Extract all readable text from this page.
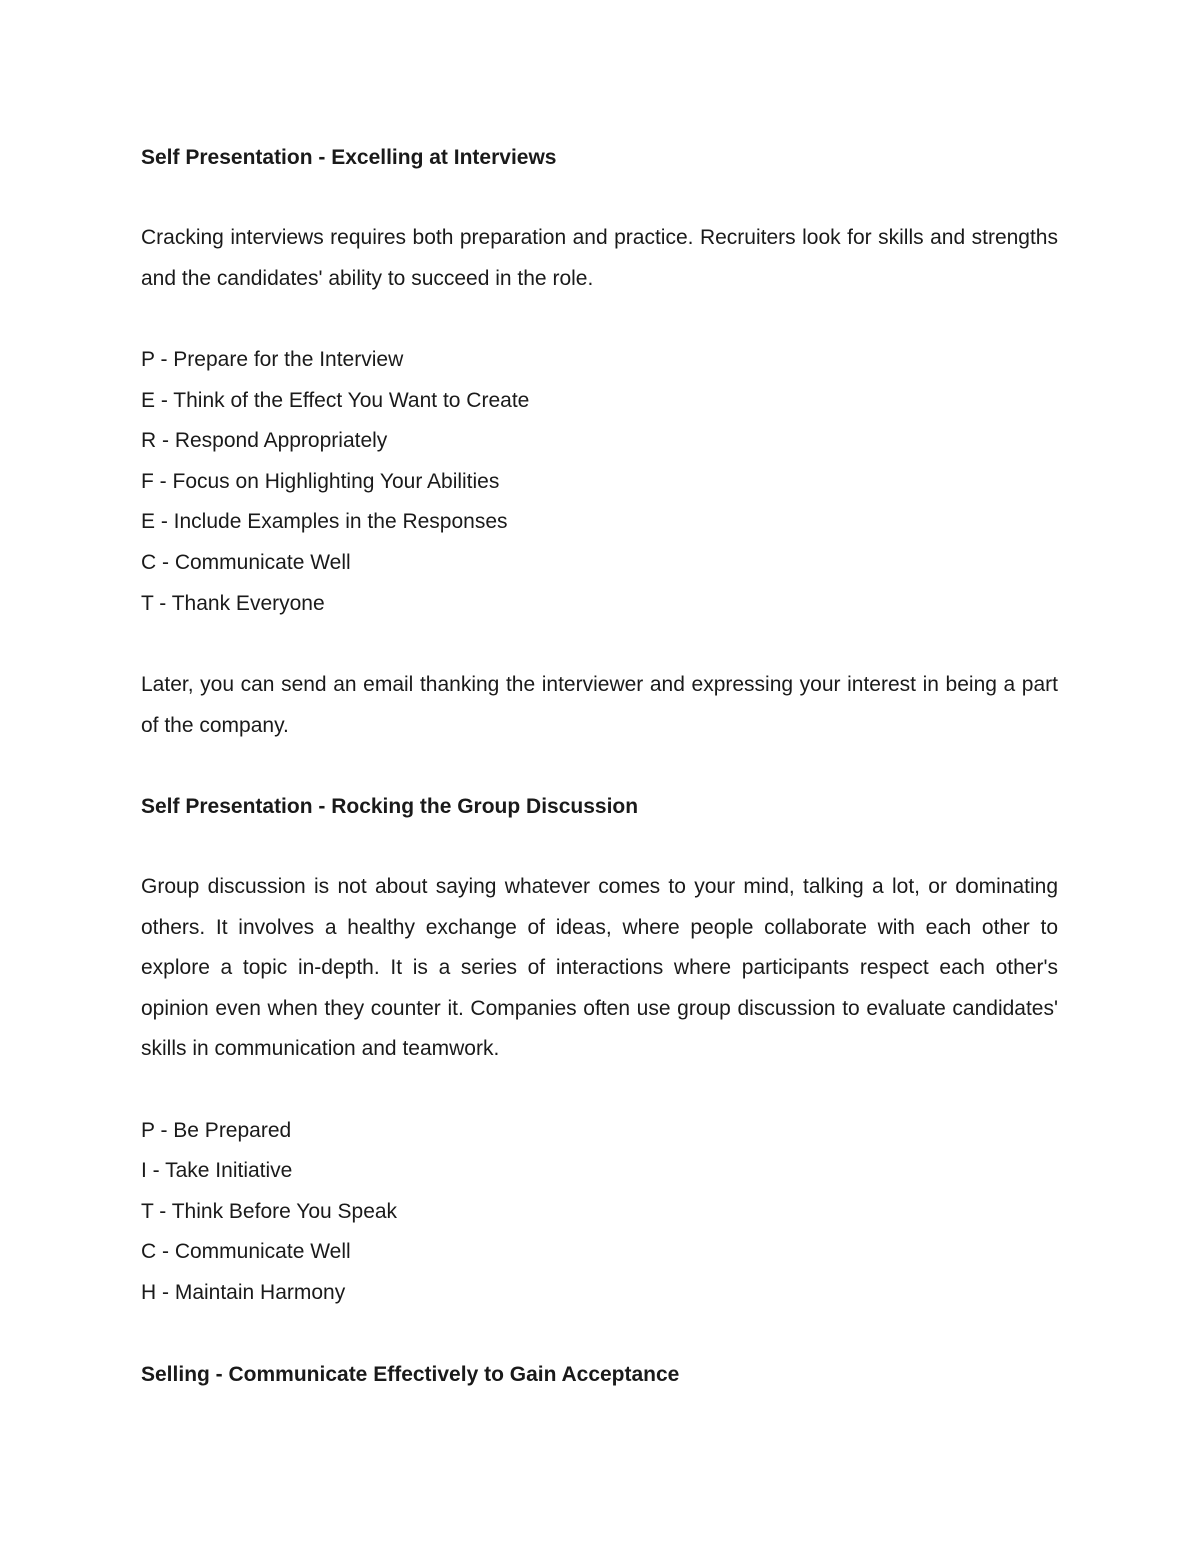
Self Presentation - Excelling at Interviews

Cracking interviews requires both preparation and practice. Recruiters look for skills and strengths and the candidates' ability to succeed in the role.

P - Prepare for the Interview
E - Think of the Effect You Want to Create
R - Respond Appropriately
F - Focus on Highlighting Your Abilities
E - Include Examples in the Responses
C - Communicate Well
T - Thank Everyone

Later, you can send an email thanking the interviewer and expressing your interest in being a part of the company.

Self Presentation - Rocking the Group Discussion

Group discussion is not about saying whatever comes to your mind, talking a lot, or dominating others. It involves a healthy exchange of ideas, where people collaborate with each other to explore a topic in-depth. It is a series of interactions where participants respect each other's opinion even when they counter it. Companies often use group discussion to evaluate candidates' skills in communication and teamwork.

P - Be Prepared
I - Take Initiative
T - Think Before You Speak
C - Communicate Well
H - Maintain Harmony
Selling - Communicate Effectively to Gain Acceptance
